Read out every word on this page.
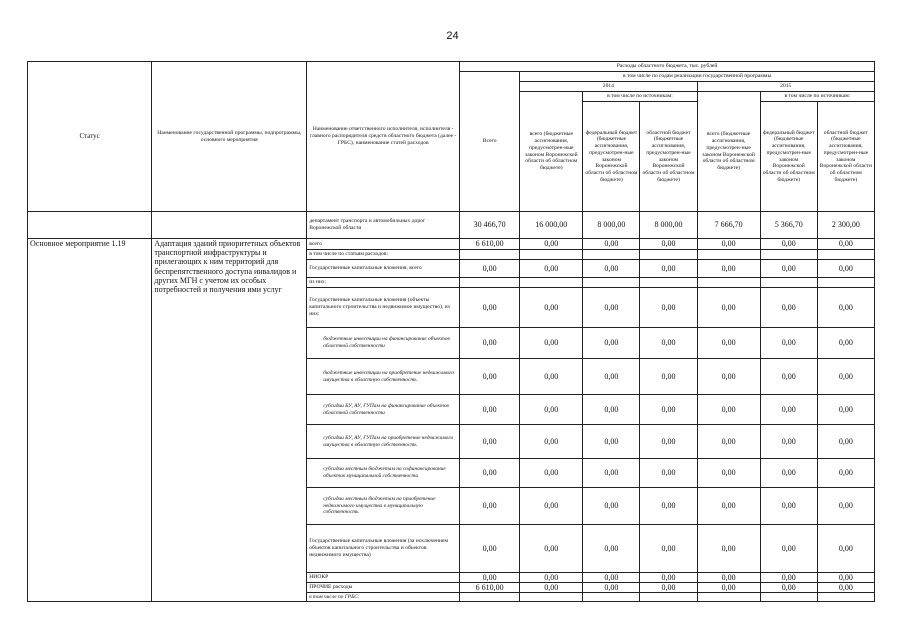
24
Статус	Наименование государственной программы, подпрограммы, основного мероприятия	Наименование ответственного исполнителя, исполнителя - главного распорядителя средств областного бюджета (далее - ГРБС), наименование статей расходов	Расходы областного бюджета, тыс. рублей						
			Всего	в том числе по годам реализации государственной программы					
				2014			2015		
				всего (бюджетные ассигнования, предусмотрен-ные законом Воронежской области об областном бюджете)	в том числе по источникам:		всего (бюджетные ассигнования, предусмотрен-ные законом Воронежской области об областном бюджете)	в том числе по источникам:	
					федеральный бюджет (бюджетные ассигнования, предусмотрен-ные законом Воронежской области об областном бюджете)	областной бюджет (бюджетные ассигнования, предусмотрен-ные законом Воронежской области об областном бюджете)		федеральный бюджет (бюджетные ассигнования, предусмотрен-ные законом Воронежской области об областном бюджете)	областной бюджет (бюджетные ассигнования, предусмотрен-ные законом Воронежской области об областном бюджете)
		департамент транспорта и автомобильных дорог Воронежской области	30 466,70	16 000,00	8 000,00	8 000,00	7 666,70	5 366,70	2 300,00
Основное мероприятие 1.19	Адаптация зданий приоритетных объектов транспортной инфраструктуры и прилегающих к ним территорий для беспрепятственного доступа инвалидов и других МГН с учетом их особых потребностей и получения ими услуг	всего	6 610,00	0,00	0,00	0,00	0,00	0,00	0,00
		в том числе по статьям расходов:							
		Государственные капитальные вложения, всего	0,00	0,00	0,00	0,00	0,00	0,00	0,00
		из них:							
		Государственные капитальные вложения (объекты капитального строительства и недвижимое имущество), из них:	0,00	0,00	0,00	0,00	0,00	0,00	0,00
		бюджетные инвестиции на финансирование объектов областной собственности	0,00	0,00	0,00	0,00	0,00	0,00	0,00
		бюджетные инвестиции на приобретение недвижимого имущества в областную собственность	0,00	0,00	0,00	0,00	0,00	0,00	0,00
		субсидии БУ, АУ, ГУПам на финансирование объектов областной собственности	0,00	0,00	0,00	0,00	0,00	0,00	0,00
		субсидии БУ, АУ, ГУПам на приобретение недвижимого имущества в областную собственность	0,00	0,00	0,00	0,00	0,00	0,00	0,00
		субсидии местным бюджетам на софинансирование объектов муниципальной собственности	0,00	0,00	0,00	0,00	0,00	0,00	0,00
		субсидии местным бюджетам на приобретение недвижимого имущества в муниципальную собственность	0,00	0,00	0,00	0,00	0,00	0,00	0,00
		Государственные капитальные вложения (за исключением объектов капитального строительства и объектов недвижимого имущества)	0,00	0,00	0,00	0,00	0,00	0,00	0,00
		НИОКР	0,00	0,00	0,00	0,00	0,00	0,00	0,00
		ПРОЧИЕ расходы	6 610,00	0,00	0,00	0,00	0,00	0,00	0,00
		в том числе по ГРБС:							
